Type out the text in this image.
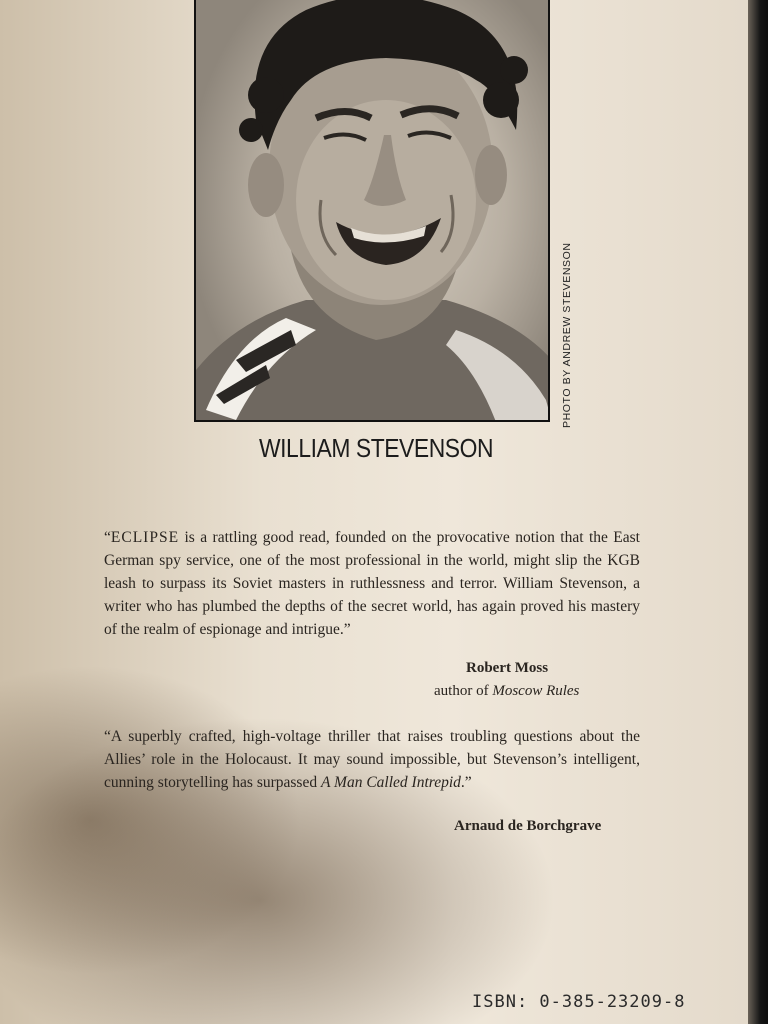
PHOTO BY ANDREW STEVENSON
WILLIAM STEVENSON
“ECLIPSE is a rattling good read, founded on the provocative notion that the East German spy service, one of the most professional in the world, might slip the KGB leash to surpass its Soviet masters in ruthlessness and terror. William Stevenson, a writer who has plumbed the depths of the secret world, has again proved his mastery of the realm of espionage and intrigue.”
Robert Moss
author of Moscow Rules
“A superbly crafted, high-voltage thriller that raises troubling questions about the Allies’ role in the Holocaust. It may sound impossible, but Stevenson’s intelligent, cunning storytelling has surpassed A Man Called Intrepid.”
Arnaud de Borchgrave
ISBN: 0-385-23209-8
